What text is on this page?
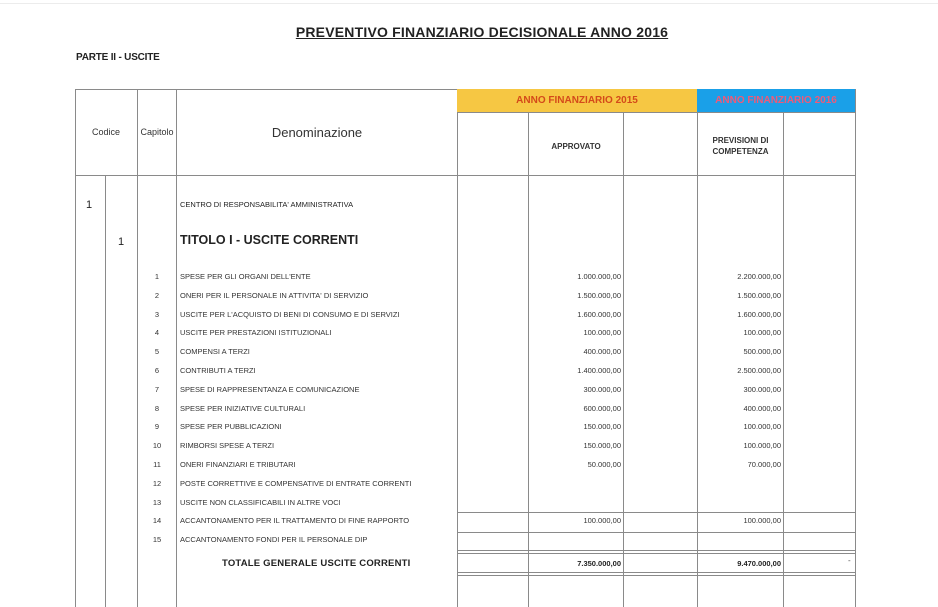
PREVENTIVO FINANZIARIO DECISIONALE ANNO 2016
PARTE II - USCITE
ANNO FINANZIARIO 2015	ANNO FINANZIARIO 2016
Codice	Capitolo	Denominazione
APPROVATO
PREVISIONI DI
COMPETENZA
1	CENTRO DI RESPONSABILITA' AMMINISTRATIVA
1	TITOLO I - USCITE CORRENTI
1	SPESE PER GLI ORGANI DELL'ENTE	1.000.000,00	2.200.000,00
2	ONERI PER IL PERSONALE IN ATTIVITA' DI SERVIZIO	1.500.000,00	1.500.000,00
3	USCITE PER L'ACQUISTO DI BENI DI CONSUMO E DI SERVIZI	1.600.000,00	1.600.000,00
4	USCITE PER PRESTAZIONI ISTITUZIONALI	100.000,00	100.000,00
5	COMPENSI A TERZI	400.000,00	500.000,00
6	CONTRIBUTI A TERZI	1.400.000,00	2.500.000,00
7	SPESE DI RAPPRESENTANZA E COMUNICAZIONE	300.000,00	300.000,00
8	SPESE PER INIZIATIVE CULTURALI	600.000,00	400.000,00
9	SPESE PER PUBBLICAZIONI	150.000,00	100.000,00
10	RIMBORSI SPESE A TERZI	150.000,00	100.000,00
11	ONERI FINANZIARI E TRIBUTARI	50.000,00	70.000,00
12	POSTE CORRETTIVE E COMPENSATIVE DI ENTRATE CORRENTI
13	USCITE NON CLASSIFICABILI IN ALTRE VOCI
14	ACCANTONAMENTO PER IL TRATTAMENTO DI FINE RAPPORTO	100.000,00	100.000,00
15	ACCANTONAMENTO FONDI PER IL PERSONALE DIP
TOTALE GENERALE USCITE CORRENTI	7.350.000,00	9.470.000,00	-
